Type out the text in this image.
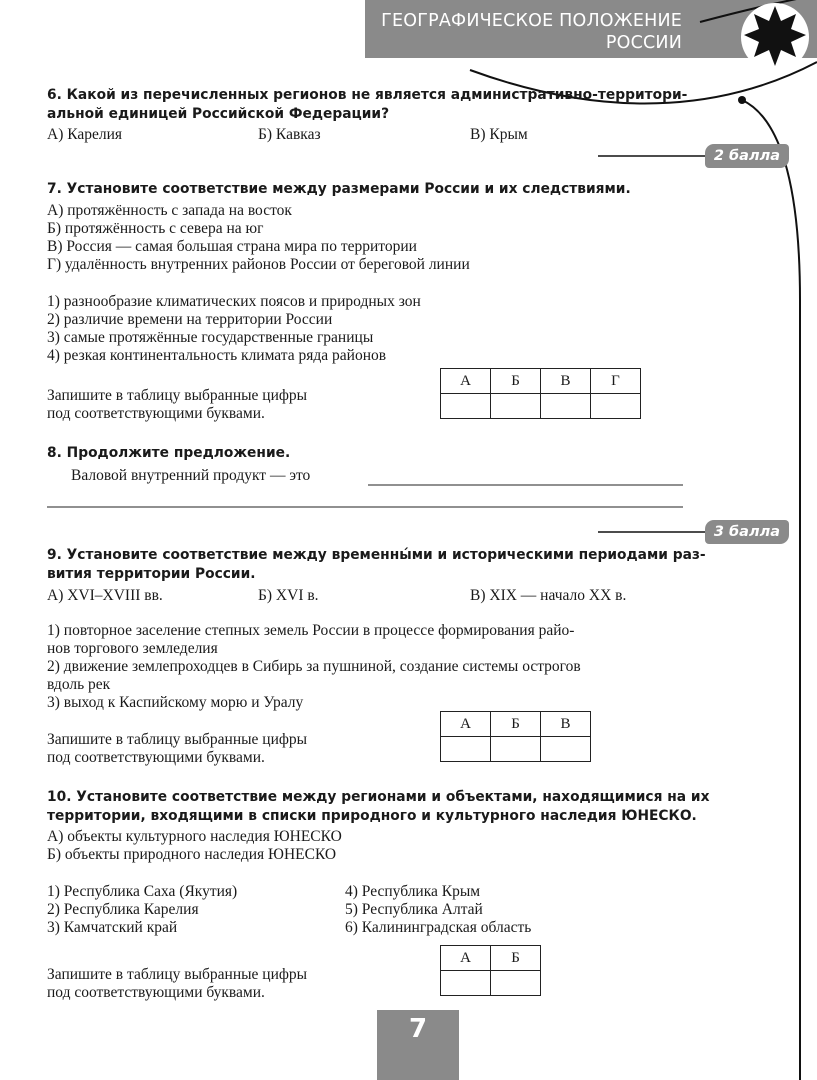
ГЕОГРАФИЧЕСКОЕ ПОЛОЖЕНИЕ
РОССИИ
6. Какой из перечисленных регионов не является административно-территори-
альной единицей Российской Федерации?
А) Карелия	Б) Кавказ	В) Крым
2 балла
7. Установите соответствие между размерами России и их следствиями.
А) протяжённость с запада на восток
Б) протяжённость с севера на юг
В) Россия — самая большая страна мира по территории
Г) удалённость внутренних районов России от береговой линии
1) разнообразие климатических поясов и природных зон
2) различие времени на территории России
3) самые протяжённые государственные границы
4) резкая континентальность климата ряда районов
Запишите в таблицу выбранные цифры
под соответствующими буквами.
А	Б	В	Г

8. Продолжите предложение.
Валовой внутренний продукт — это
3 балла
9. Установите соответствие между временны́ми и историческими периодами раз-
вития территории России.
А) XVI–XVIII вв.	Б) XVI в.	В) XIX — начало XX в.
1) повторное заселение степных земель России в процессе формирования райо-
нов торгового земледелия
2) движение землепроходцев в Сибирь за пушниной, создание системы острогов
вдоль рек
3) выход к Каспийскому морю и Уралу
Запишите в таблицу выбранные цифры
под соответствующими буквами.
А	Б	В

10. Установите соответствие между регионами и объектами, находящимися на их
территории, входящими в списки природного и культурного наследия ЮНЕСКО.
А) объекты культурного наследия ЮНЕСКО
Б) объекты природного наследия ЮНЕСКО
1) Республика Саха (Якутия)
2) Республика Карелия
3) Камчатский край
4) Республика Крым
5) Республика Алтай
6) Калининградская область
Запишите в таблицу выбранные цифры
под соответствующими буквами.
А	Б

7
